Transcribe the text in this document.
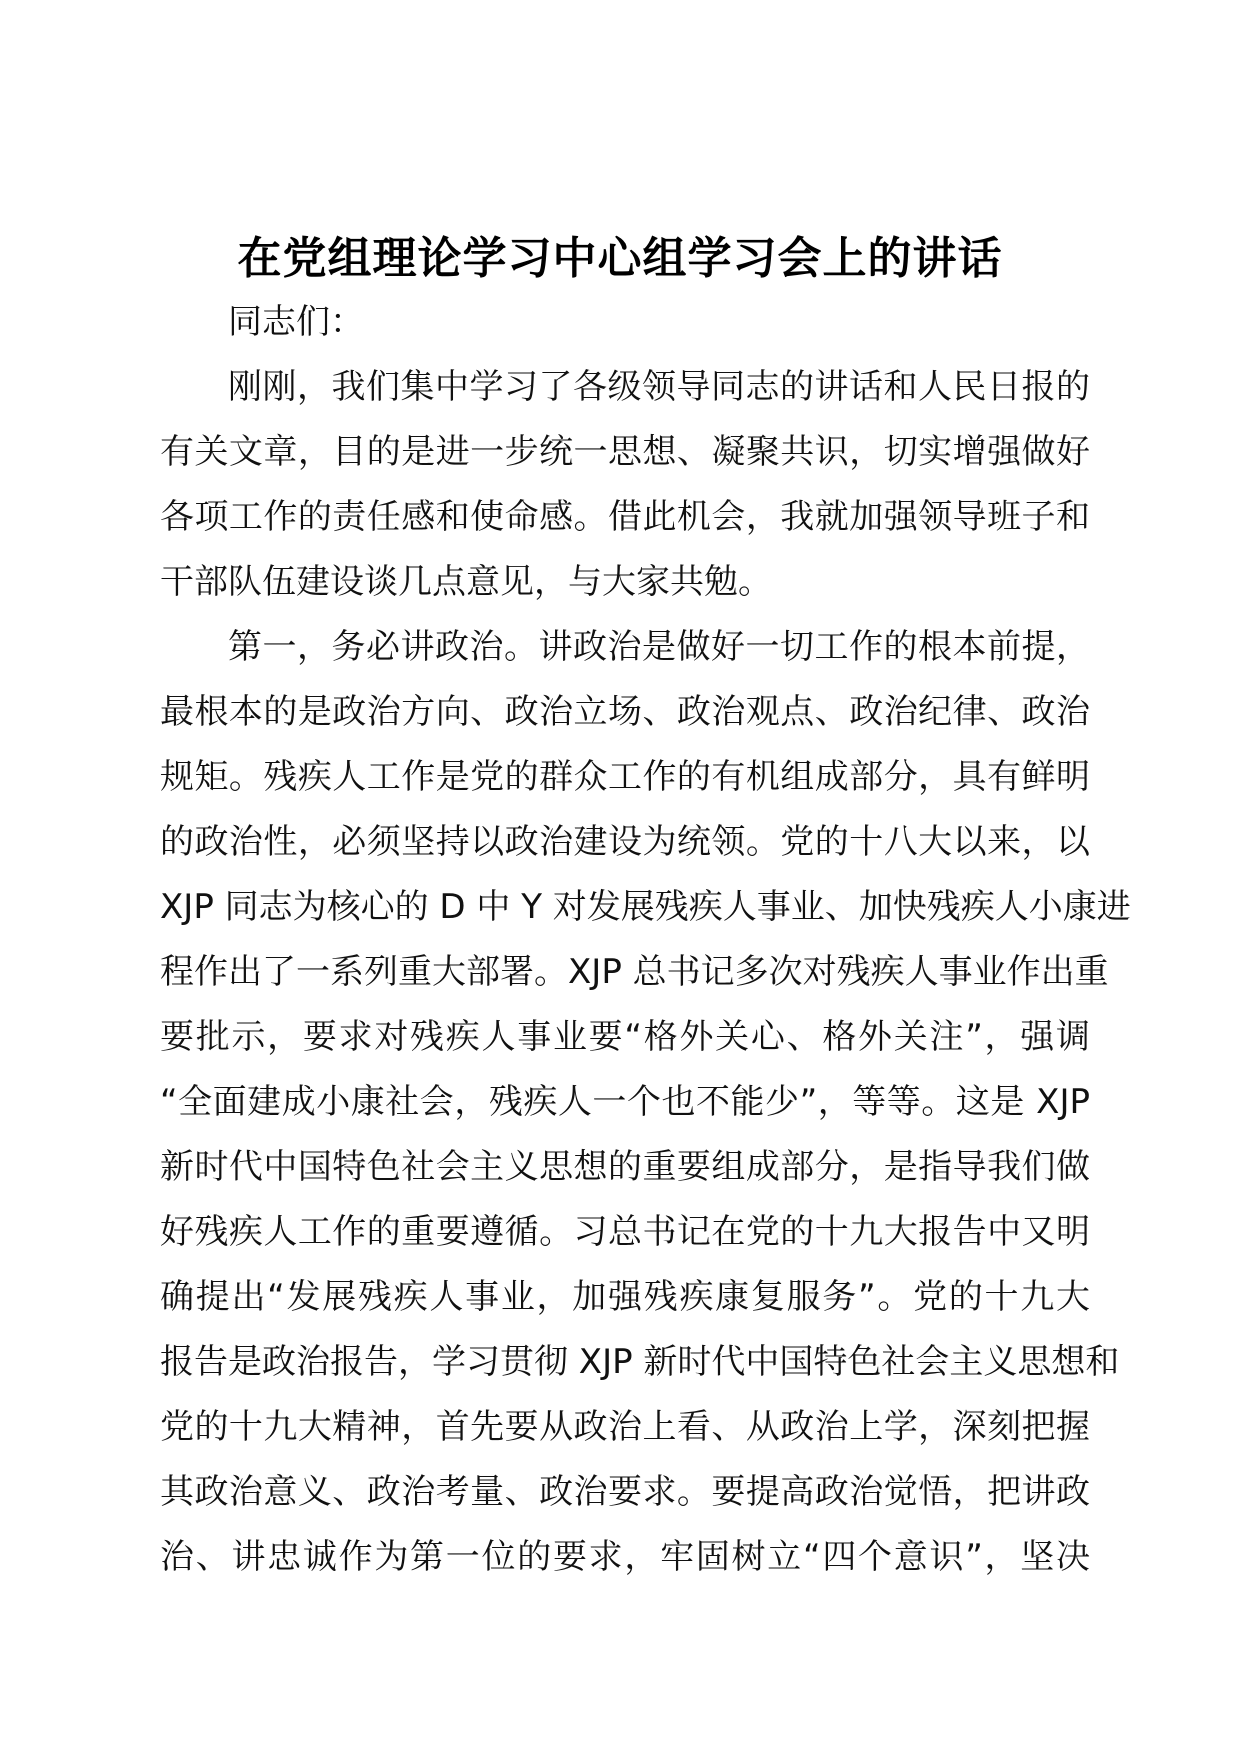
在党组理论学习中心组学习会上的讲话
同志们：
刚刚，我们集中学习了各级领导同志的讲话和人民日报的
有关文章，目的是进一步统一思想、凝聚共识，切实增强做好
各项工作的责任感和使命感。借此机会，我就加强领导班子和
干部队伍建设谈几点意见，与大家共勉。
第一，务必讲政治。讲政治是做好一切工作的根本前提，
最根本的是政治方向、政治立场、政治观点、政治纪律、政治
规矩。残疾人工作是党的群众工作的有机组成部分，具有鲜明
的政治性，必须坚持以政治建设为统领。党的十八大以来，以
XJP 同志为核心的 D 中 Y 对发展残疾人事业、加快残疾人小康进
程作出了一系列重大部署。XJP 总书记多次对残疾人事业作出重
要批示，要求对残疾人事业要“格外关心、格外关注”，强调
“全面建成小康社会，残疾人一个也不能少”，等等。这是 XJP
新时代中国特色社会主义思想的重要组成部分，是指导我们做
好残疾人工作的重要遵循。习总书记在党的十九大报告中又明
确提出“发展残疾人事业，加强残疾康复服务”。党的十九大
报告是政治报告，学习贯彻 XJP 新时代中国特色社会主义思想和
党的十九大精神，首先要从政治上看、从政治上学，深刻把握
其政治意义、政治考量、政治要求。要提高政治觉悟，把讲政
治、讲忠诚作为第一位的要求，牢固树立“四个意识”，坚决
